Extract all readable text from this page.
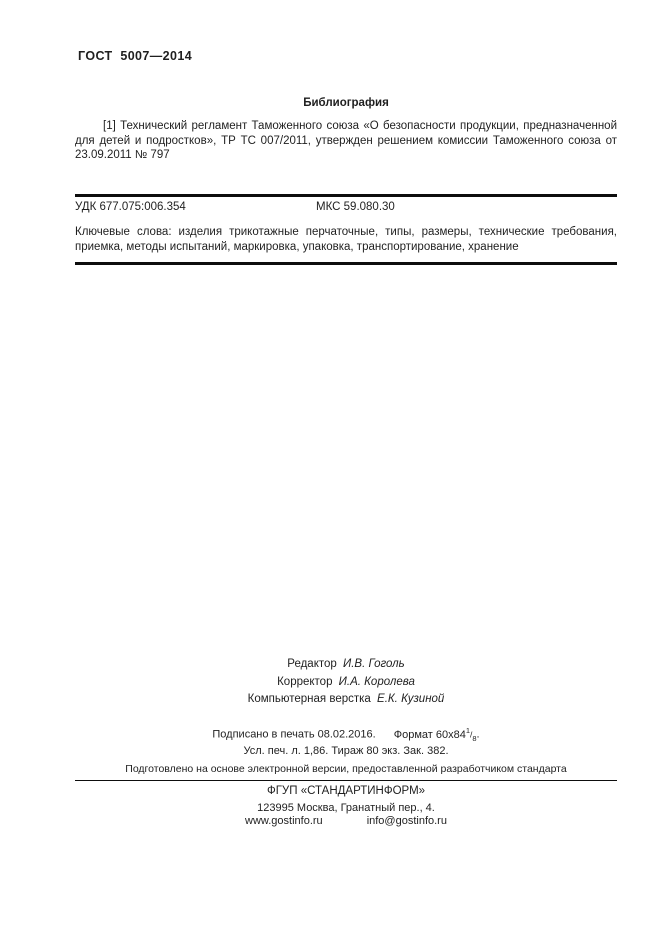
ГОСТ  5007—2014
Библиография

[1] Технический регламент Таможенного союза «О безопасности продукции, предназначенной для детей и подростков», ТР ТС 007/2011, утвержден решением комиссии Таможенного союза от 23.09.2011 № 797

УДК 677.075:006.354	МКС 59.080.30

Ключевые слова: изделия трикотажные перчаточные, типы, размеры, технические требования, приемка, методы испытаний, маркировка, упаковка, транспортирование, хранение

Редактор И.В. Гоголь
Корректор И.А. Королева
Компьютерная верстка Е.К. Кузиной
Подписано в печать 08.02.2016. Формат $60x84^1/_8$.
Усл. печ. л. 1,86. Тираж 80 экз. Зак. 382.
Подготовлено на основе электронной версии, предоставленной разработчиком стандарта
ФГУП «СТАНДАРТИНФОРМ»
123995 Москва, Гранатный пер., 4.
www.gostinfo.ru	info@gostinfo.ru
